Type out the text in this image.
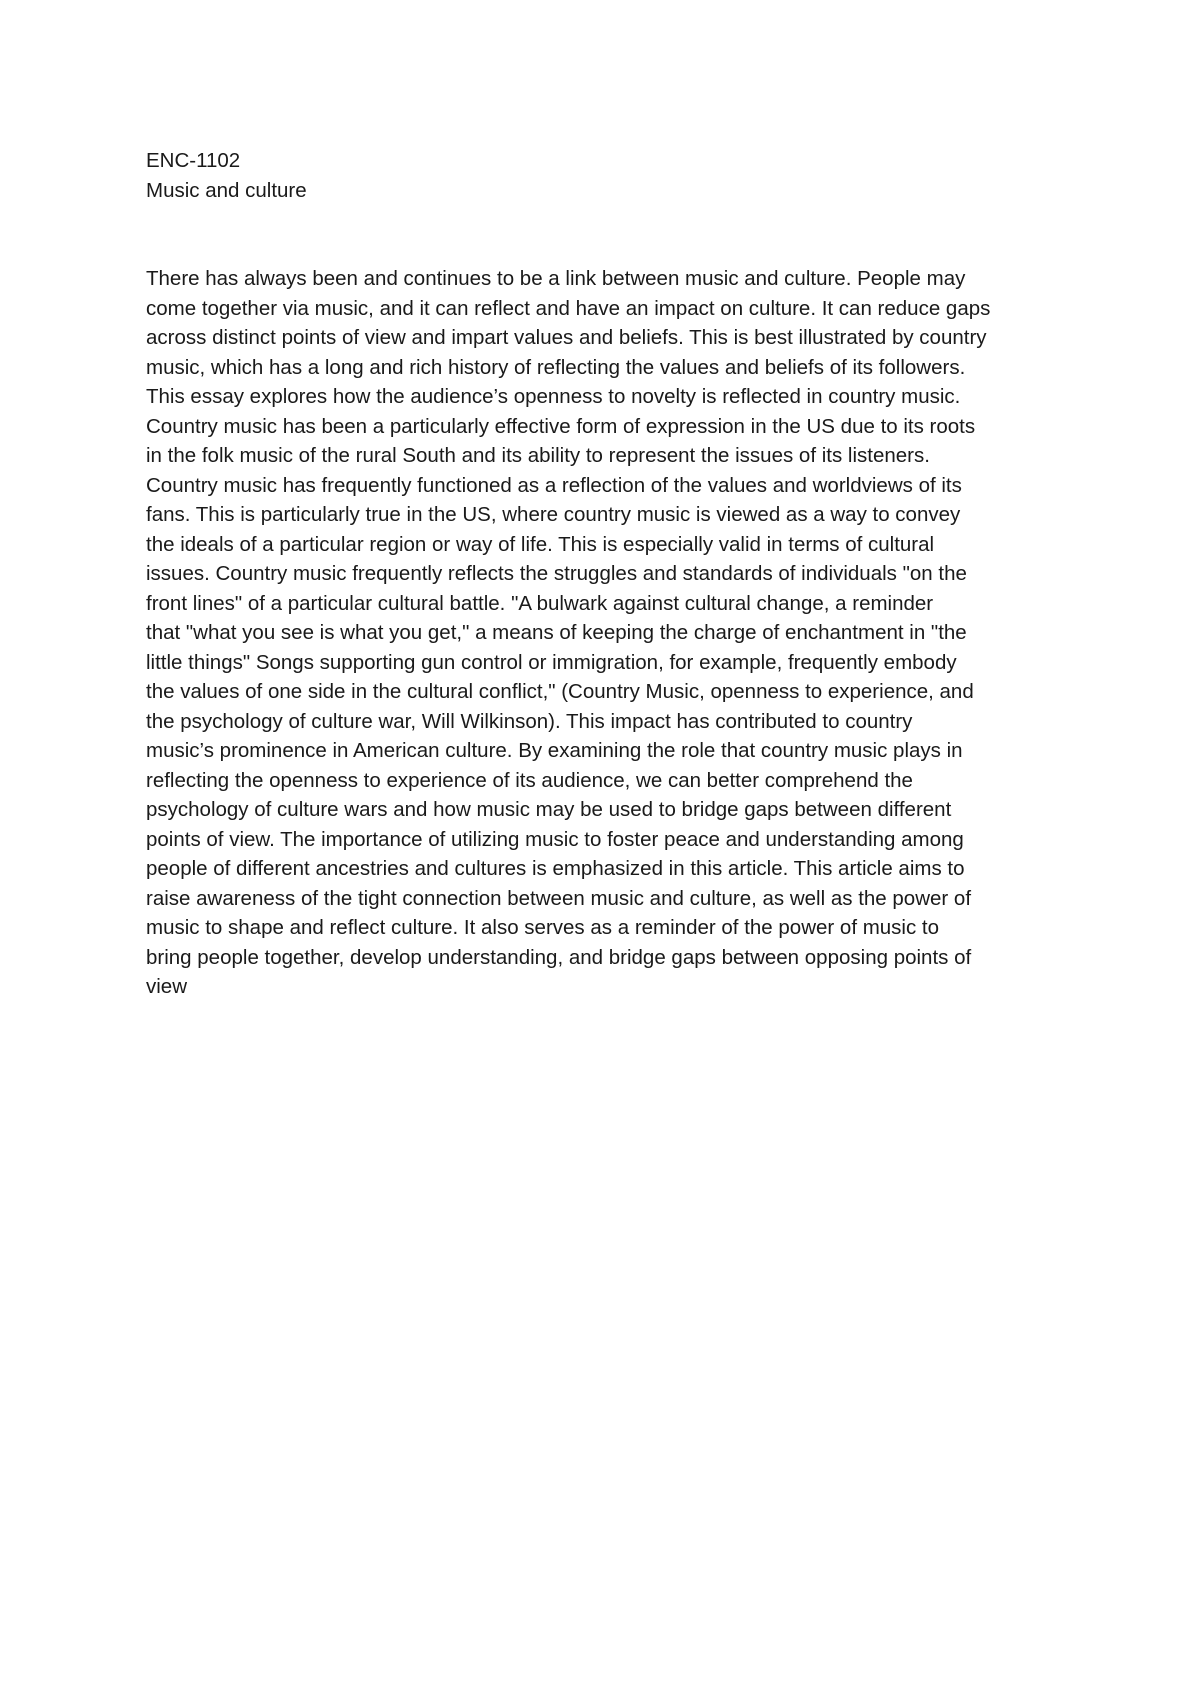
ENC-1102
Music and culture
There has always been and continues to be a link between music and culture. People may
come together via music, and it can reflect and have an impact on culture. It can reduce gaps
across distinct points of view and impart values and beliefs. This is best illustrated by country
music, which has a long and rich history of reflecting the values and beliefs of its followers.
This essay explores how the audience’s openness to novelty is reflected in country music.
Country music has been a particularly effective form of expression in the US due to its roots
in the folk music of the rural South and its ability to represent the issues of its listeners.
Country music has frequently functioned as a reflection of the values and worldviews of its
fans. This is particularly true in the US, where country music is viewed as a way to convey
the ideals of a particular region or way of life. This is especially valid in terms of cultural
issues. Country music frequently reflects the struggles and standards of individuals "on the
front lines" of a particular cultural battle. "A bulwark against cultural change, a reminder
that "what you see is what you get," a means of keeping the charge of enchantment in "the
little things" Songs supporting gun control or immigration, for example, frequently embody
the values of one side in the cultural conflict," (Country Music, openness to experience, and
the psychology of culture war, Will Wilkinson). This impact has contributed to country
music’s prominence in American culture. By examining the role that country music plays in
reflecting the openness to experience of its audience, we can better comprehend the
psychology of culture wars and how music may be used to bridge gaps between different
points of view. The importance of utilizing music to foster peace and understanding among
people of different ancestries and cultures is emphasized in this article. This article aims to
raise awareness of the tight connection between music and culture, as well as the power of
music to shape and reflect culture. It also serves as a reminder of the power of music to
bring people together, develop understanding, and bridge gaps between opposing points of
view
